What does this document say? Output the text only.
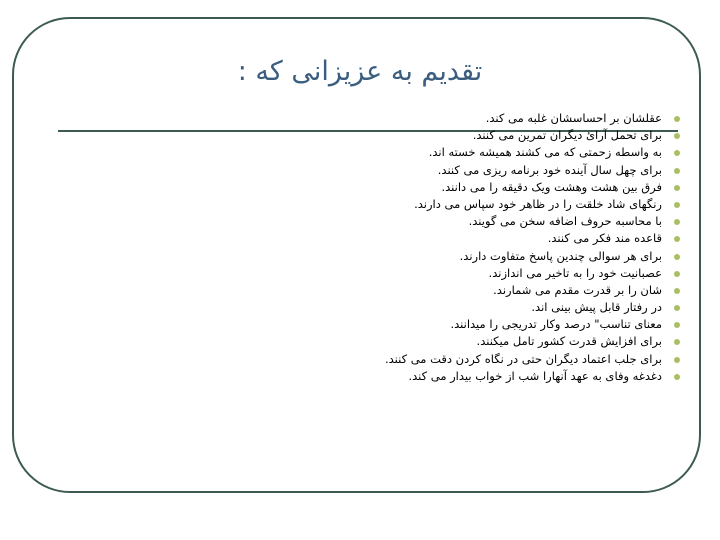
تقدیم به عزیزانی که :
عقلشان بر احساسشان غلبه می کند.
برای تحمل آرائ دیگران تمرین می کنند.
به واسطه زحمتی که می کشند همیشه خسته اند.
برای چهل سال آینده خود برنامه ریزی می کنند.
فرق بین هشت وهشت ویک دقیقه را می دانند.
رنگهای شاد خلقت را در ظاهر خود سپاس می دارند.
با محاسبه حروف اضافه سخن می گویند.
قاعده مند فکر می کنند.
برای هر سوالی چندین پاسخ متفاوت دارند.
عصبانیت خود را به تاخیر می اندازند.
شان را بر قدرت مقدم می شمارند.
در رفتار قابل پیش بینی اند.
معنای تناسب" درصد وکار تدریجی را میدانند.
برای افزایش قدرت کشور تامل میکنند.
برای جلب اعتماد دیگران حتی در نگاه کردن دقت می کنند.
دغدغه وفای به عهد آنهارا شب از خواب بیدار می کند.
